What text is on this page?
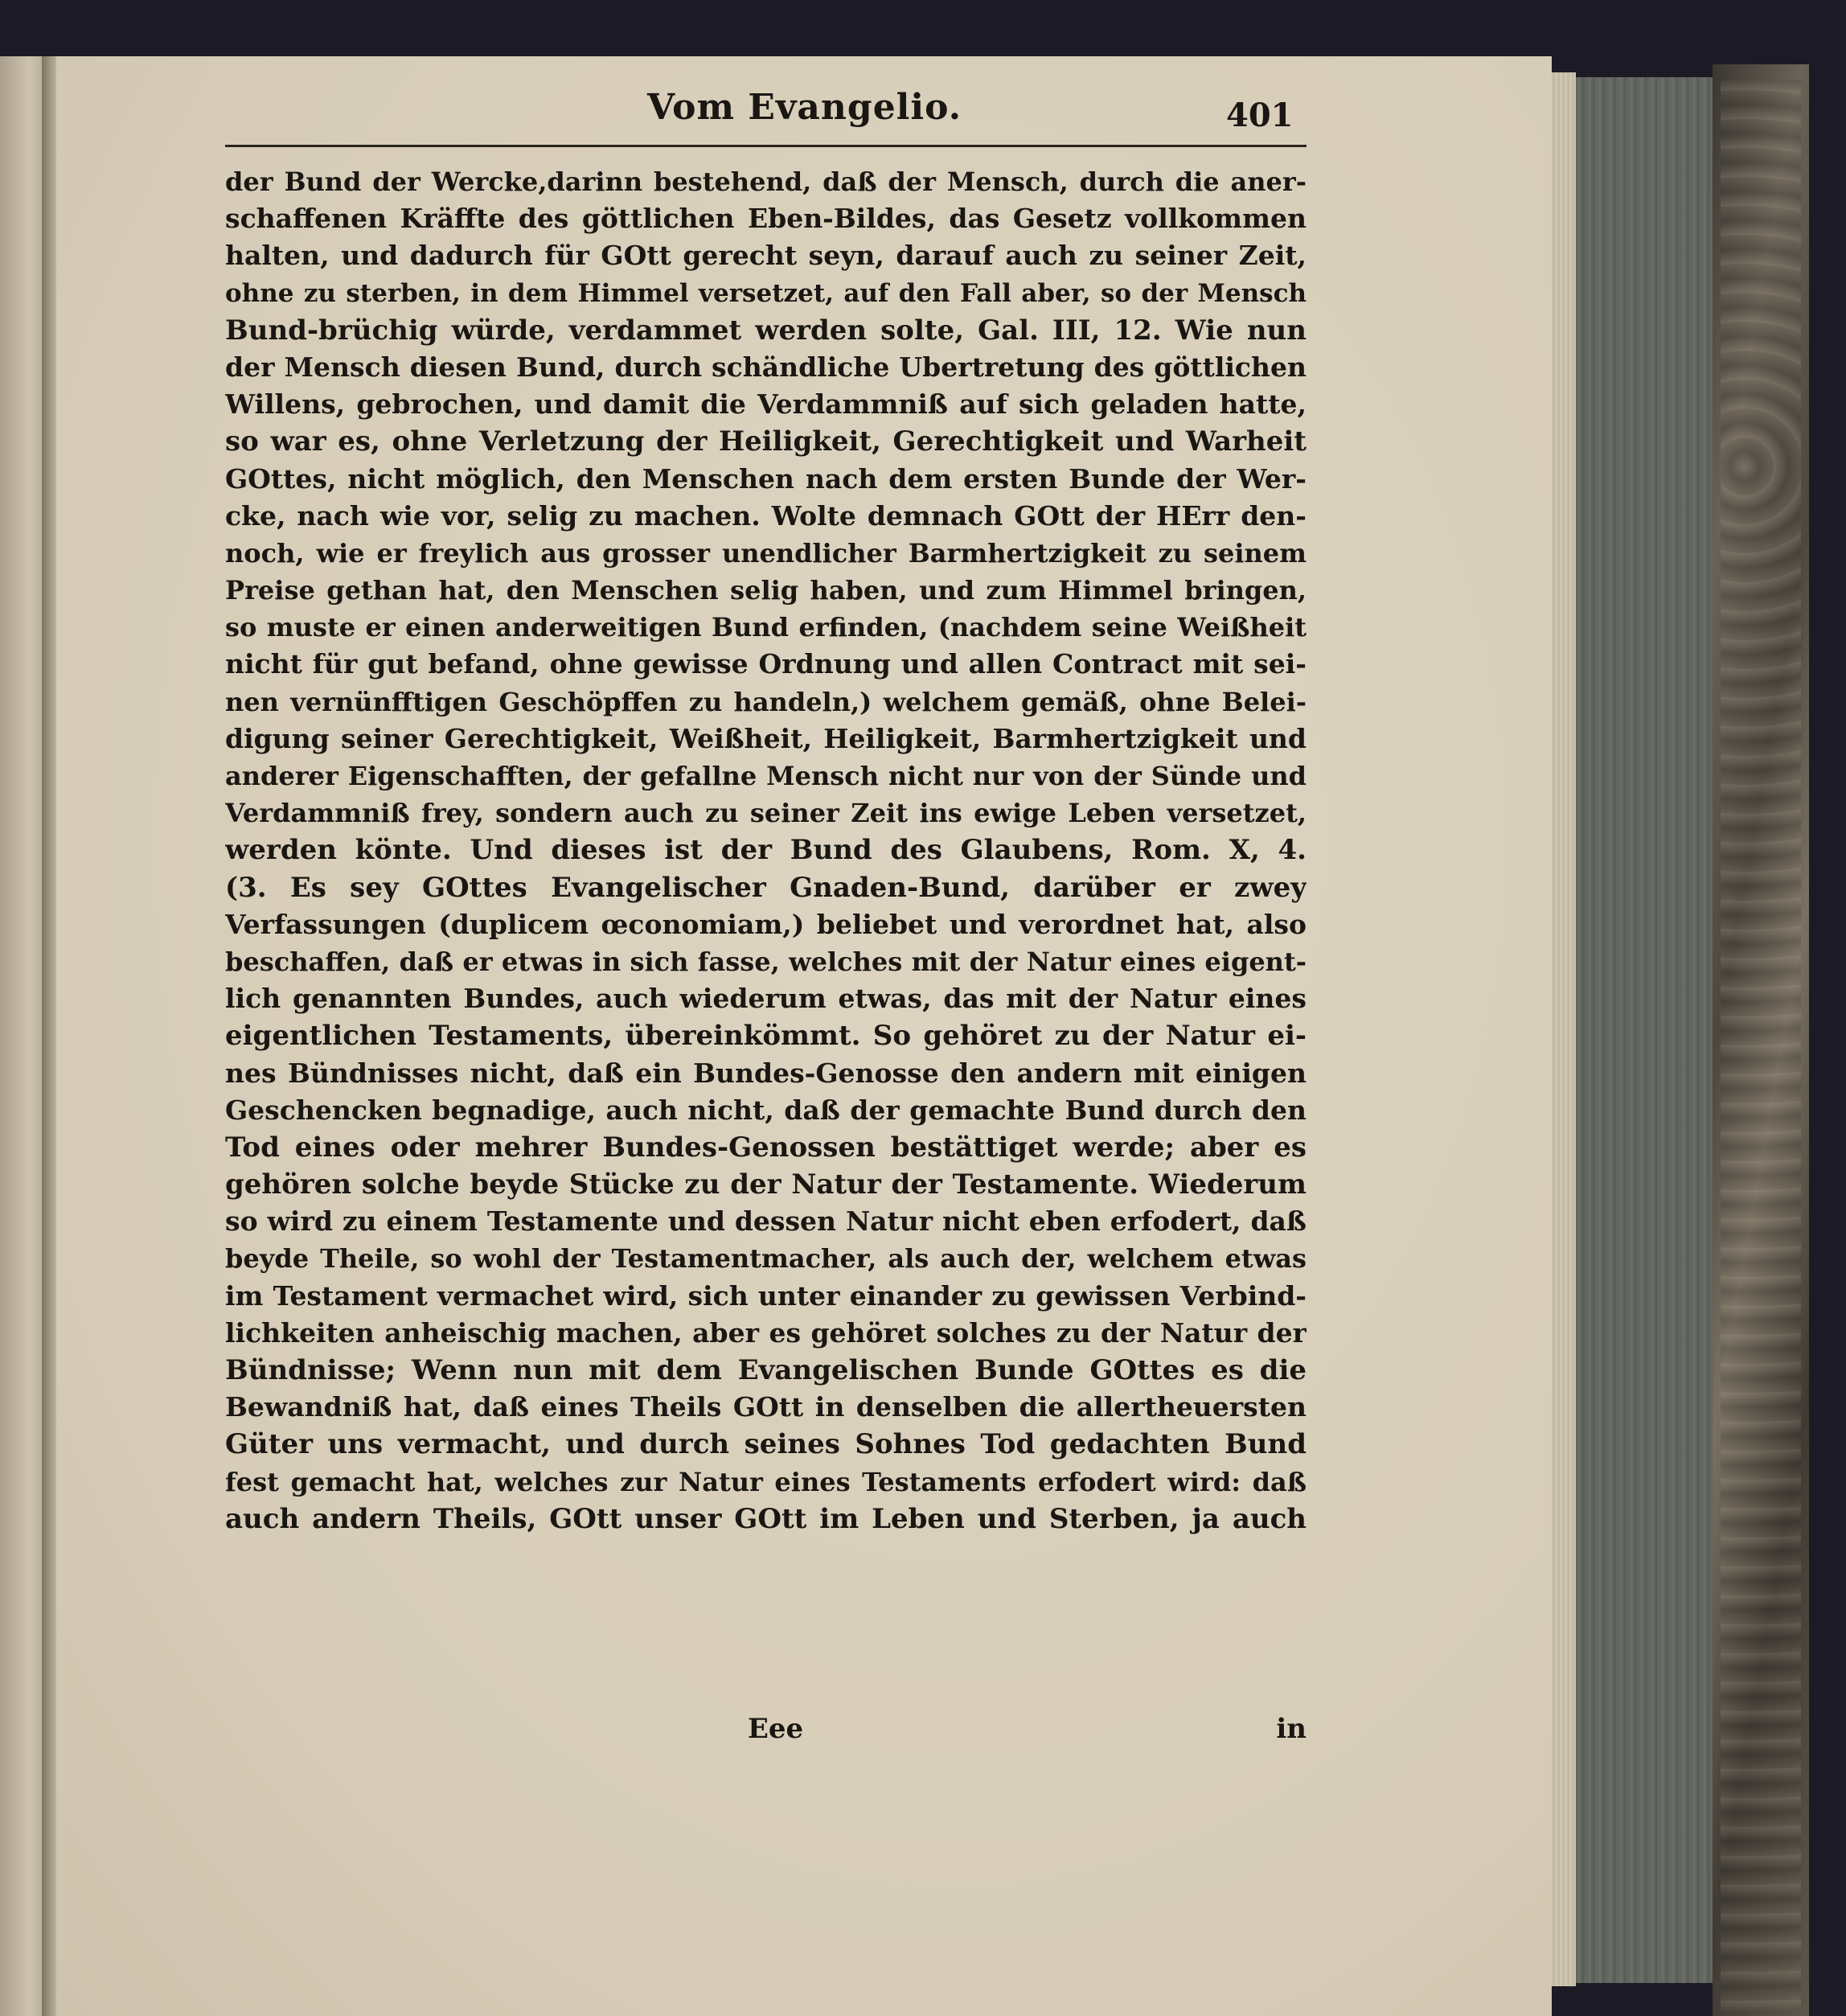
Vom Evangelio.	401
der Bund der Wercke,darinn bestehend, daß der Mensch, durch die aner-
schaffenen Kräffte des göttlichen Eben-Bildes, das Gesetz vollkommen
halten, und dadurch für GOtt gerecht seyn, darauf auch zu seiner Zeit,
ohne zu sterben, in dem Himmel versetzet, auf den Fall aber, so der Mensch
Bund-brüchig würde, verdammet werden solte, Gal. III, 12. Wie nun
der Mensch diesen Bund, durch schändliche Ubertretung des göttlichen
Willens, gebrochen, und damit die Verdammniß auf sich geladen hatte,
so war es, ohne Verletzung der Heiligkeit, Gerechtigkeit und Warheit
GOttes, nicht möglich, den Menschen nach dem ersten Bunde der Wer-
cke, nach wie vor, selig zu machen. Wolte demnach GOtt der HErr den-
noch, wie er freylich aus grosser unendlicher Barmhertzigkeit zu seinem
Preise gethan hat, den Menschen selig haben, und zum Himmel bringen,
so muste er einen anderweitigen Bund erfinden, (nachdem seine Weißheit
nicht für gut befand, ohne gewisse Ordnung und allen Contract mit sei-
nen vernünfftigen Geschöpffen zu handeln,) welchem gemäß, ohne Belei-
digung seiner Gerechtigkeit, Weißheit, Heiligkeit, Barmhertzigkeit und
anderer Eigenschafften, der gefallne Mensch nicht nur von der Sünde und
Verdammniß frey, sondern auch zu seiner Zeit ins ewige Leben versetzet,
werden könte. Und dieses ist der Bund des Glaubens, Rom. X, 4.
(3. Es sey GOttes Evangelischer Gnaden-Bund, darüber er zwey
Verfassungen (duplicem œconomiam,) beliebet und verordnet hat, also
beschaffen, daß er etwas in sich fasse, welches mit der Natur eines eigent-
lich genannten Bundes, auch wiederum etwas, das mit der Natur eines
eigentlichen Testaments, übereinkömmt. So gehöret zu der Natur ei-
nes Bündnisses nicht, daß ein Bundes-Genosse den andern mit einigen
Geschencken begnadige, auch nicht, daß der gemachte Bund durch den
Tod eines oder mehrer Bundes-Genossen bestättiget werde; aber es
gehören solche beyde Stücke zu der Natur der Testamente. Wiederum
so wird zu einem Testamente und dessen Natur nicht eben erfodert, daß
beyde Theile, so wohl der Testamentmacher, als auch der, welchem etwas
im Testament vermachet wird, sich unter einander zu gewissen Verbind-
lichkeiten anheischig machen, aber es gehöret solches zu der Natur der
Bündnisse; Wenn nun mit dem Evangelischen Bunde GOttes es die
Bewandniß hat, daß eines Theils GOtt in denselben die allertheuersten
Güter uns vermacht, und durch seines Sohnes Tod gedachten Bund
fest gemacht hat, welches zur Natur eines Testaments erfodert wird: daß
auch andern Theils, GOtt unser GOtt im Leben und Sterben, ja auch
Eee	in
